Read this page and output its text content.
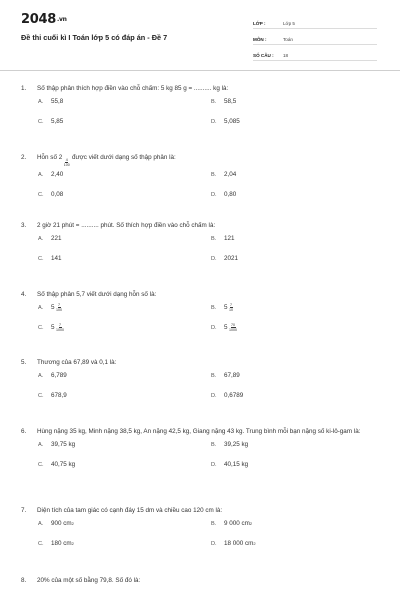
2048.vn
Đề thi cuối kì I Toán lớp 5 có đáp án - Đề 7
LỚP :	Lớp 5
MÔN :	Toán
SỐ CÂU :	18
1.	Số thập phân thích hợp điền vào chỗ chấm: 5 kg 85 g = .......... kg là:
A.	55,8	B.	58,5
C.	5,85	D.	5,085
2.	Hỗn số 2
$\frac{4}{100}$
được viết dưới dạng số thập phân là:
A.	2,40	B.	2,04
C.	0,08	D.	0,80
3.	2 giờ 21 phút = .......... phút. Số thích hợp điền vào chỗ chấm là:
A.	221	B.	121
C.	141	D.	2021
4.	Số thập phân 5,7 viết dưới dạng hỗn số là:
A.	$5 \frac{7}{100}$	B.	$5 \frac{7}{10}$
C.	$5 \frac{7}{1000}$	D.	$5 \frac{70}{1000}$
5.	Thương của 67,89 và 0,1 là:
A.	6,789	B.	67,89
C.	678,9	D.	0,6789
6.	Hùng nặng 35 kg, Minh nặng 38,5 kg, An nặng 42,5 kg, Giang nặng 43 kg. Trung bình mỗi bạn nặng số ki-lô-gam là:
A.	39,75 kg	B.	39,25 kg
C.	40,75 kg	D.	40,15 kg
7.	Diện tích của tam giác có cạnh đáy 15 dm và chiều cao 120 cm là:
A.	900 cm 2	B.	9 000 cm 2
C.	180 cm 2	D.	18 000 cm 2
8.	20% của một số bằng 79,8. Số đó là:
